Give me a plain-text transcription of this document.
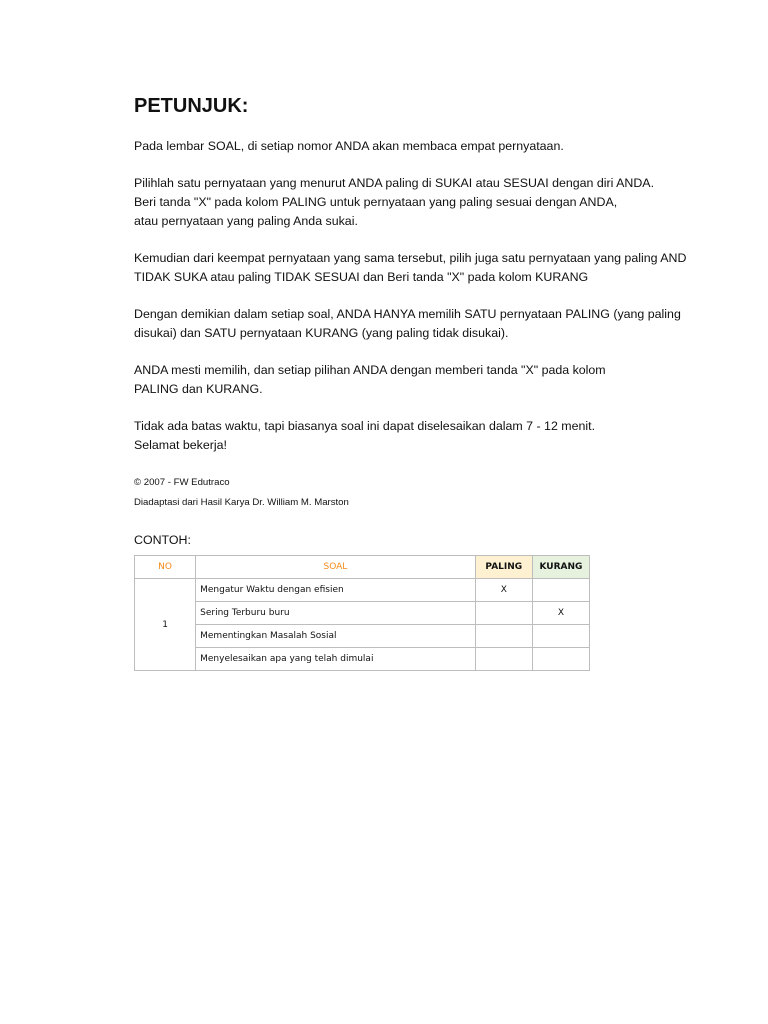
PETUNJUK:

Pada lembar SOAL, di setiap nomor ANDA akan membaca empat pernyataan.

Pilihlah satu pernyataan yang menurut ANDA paling di SUKAI atau SESUAI dengan diri ANDA.
Beri tanda "X" pada kolom PALING untuk pernyataan yang paling sesuai dengan ANDA,
atau pernyataan yang paling Anda sukai.

Kemudian dari keempat pernyataan yang sama tersebut, pilih juga satu pernyataan yang paling AND
TIDAK SUKA atau paling TIDAK SESUAI dan Beri tanda "X" pada kolom KURANG

Dengan demikian dalam setiap soal, ANDA HANYA memilih SATU pernyataan PALING (yang paling
disukai) dan SATU pernyataan KURANG (yang paling tidak disukai).

ANDA mesti memilih, dan setiap pilihan ANDA dengan memberi tanda "X" pada kolom
PALING dan KURANG.

Tidak ada batas waktu, tapi biasanya soal ini dapat diselesaikan dalam 7 - 12 menit.
Selamat bekerja!

© 2007 - FW Edutraco

Diadaptasi dari Hasil Karya Dr. William M. Marston

CONTOH:

NO	SOAL	PALING	KURANG
1	Mengatur Waktu dengan efisien	X	
	Sering Terburu buru		X
	Mementingkan Masalah Sosial		
	Menyelesaikan apa yang telah dimulai		
